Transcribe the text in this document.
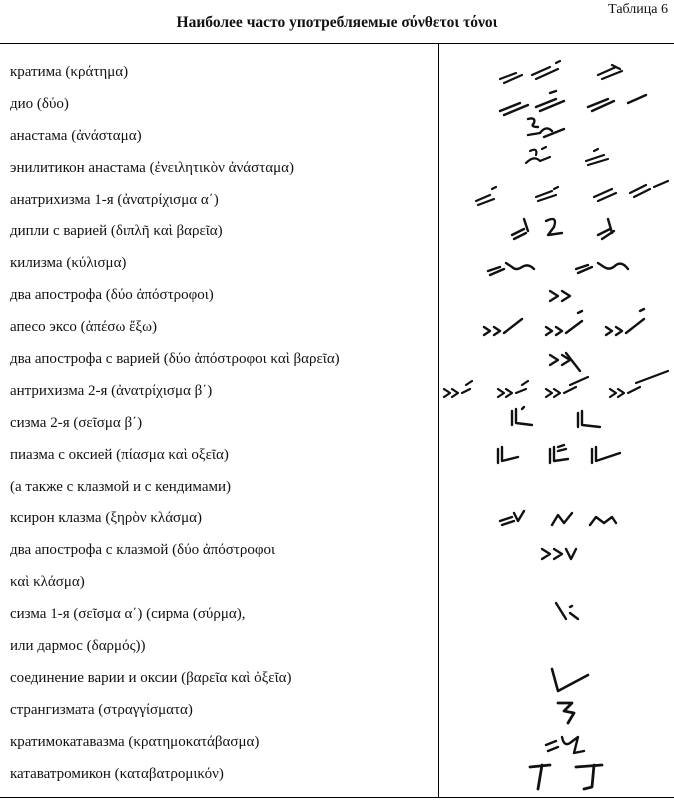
Таблица 6
Наиболее часто употребляемые σύνθετοι τόνοι
кратима (κράτημα)
дио (δύο)
анастама (ἀνάσταμα)
энилитикон анастама (ἐνειλητικὸν ἀνάσταμα)
анатрихизма 1-я (ἀνατρίχισμα α΄)
дипли с варией (διπλῆ καὶ βαρεῖα)
килизма (κύλισμα)
два апострофа (δύο ἀπόστροφοι)
апесо эксо (ἀπέσω ἔξω)
два апострофа с варией (δύο ἀπόστροφοι καὶ βαρεῖα)
антрихизма 2-я (ἀνατρίχισμα β΄)
сизма 2-я (σεῖσμα β΄)
пиазма с оксией (πίασμα καὶ οξεῖα)
(а также с клазмой и с кендимами)
ксирон клазма (ξηρὸν κλάσμα)
два апострофа с клазмой (δύο ἀπόστροφοι
καὶ κλάσμα)
сизма 1-я (σεῖσμα α΄) (сирма (σύρμα),
или дармос (δαρμός))
соединение варии и оксии (βαρεῖα καὶ ὀξεῖα)
странгизмата (στραγγίσματα)
кратимокатавазма (κρατημοκατάβασμα)
катаватромикон (καταβατρομικόν)
